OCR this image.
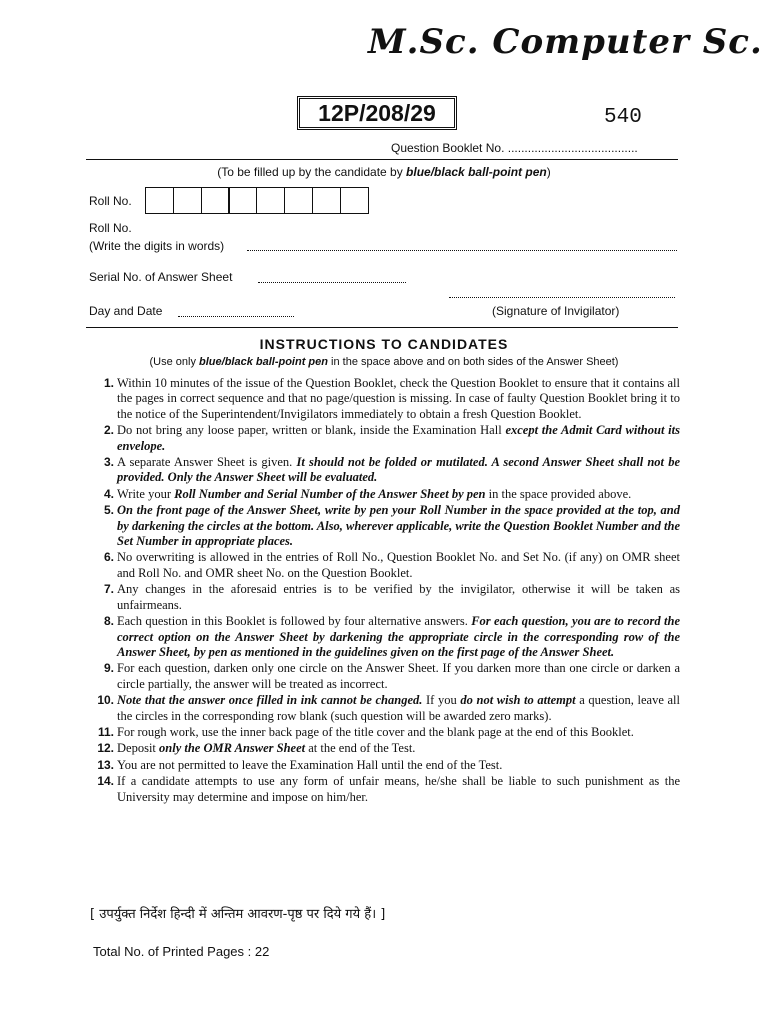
M.Sc. Computer Sc.
12P/208/29	540
Question Booklet No. .......................................
(To be filled up by the candidate by blue/black ball-point pen)
Roll No.
Roll No.
(Write the digits in words)
Serial No. of Answer Sheet
Day and Date	(Signature of Invigilator)
INSTRUCTIONS TO CANDIDATES
(Use only blue/black ball-point pen in the space above and on both sides of the Answer Sheet)
1. Within 10 minutes of the issue of the Question Booklet, check the Question Booklet to ensure that it contains all the pages in correct sequence and that no page/question is missing. In case of faulty Question Booklet bring it to the notice of the Superintendent/Invigilators immediately to obtain a fresh Question Booklet.
2. Do not bring any loose paper, written or blank, inside the Examination Hall except the Admit Card without its envelope.
3. A separate Answer Sheet is given. It should not be folded or mutilated. A second Answer Sheet shall not be provided. Only the Answer Sheet will be evaluated.
4. Write your Roll Number and Serial Number of the Answer Sheet by pen in the space provided above.
5. On the front page of the Answer Sheet, write by pen your Roll Number in the space provided at the top, and by darkening the circles at the bottom. Also, wherever applicable, write the Question Booklet Number and the Set Number in appropriate places.
6. No overwriting is allowed in the entries of Roll No., Question Booklet No. and Set No. (if any) on OMR sheet and Roll No. and OMR sheet No. on the Question Booklet.
7. Any changes in the aforesaid entries is to be verified by the invigilator, otherwise it will be taken as unfairmeans.
8. Each question in this Booklet is followed by four alternative answers. For each question, you are to record the correct option on the Answer Sheet by darkening the appropriate circle in the corresponding row of the Answer Sheet, by pen as mentioned in the guidelines given on the first page of the Answer Sheet.
9. For each question, darken only one circle on the Answer Sheet. If you darken more than one circle or darken a circle partially, the answer will be treated as incorrect.
10. Note that the answer once filled in ink cannot be changed. If you do not wish to attempt a question, leave all the circles in the corresponding row blank (such question will be awarded zero marks).
11. For rough work, use the inner back page of the title cover and the blank page at the end of this Booklet.
12. Deposit only the OMR Answer Sheet at the end of the Test.
13. You are not permitted to leave the Examination Hall until the end of the Test.
14. If a candidate attempts to use any form of unfair means, he/she shall be liable to such punishment as the University may determine and impose on him/her.
[ उपर्युक्त निर्देश हिन्दी में अन्तिम आवरण-पृष्ठ पर दिये गये हैं। ]
Total No. of Printed Pages : 22
